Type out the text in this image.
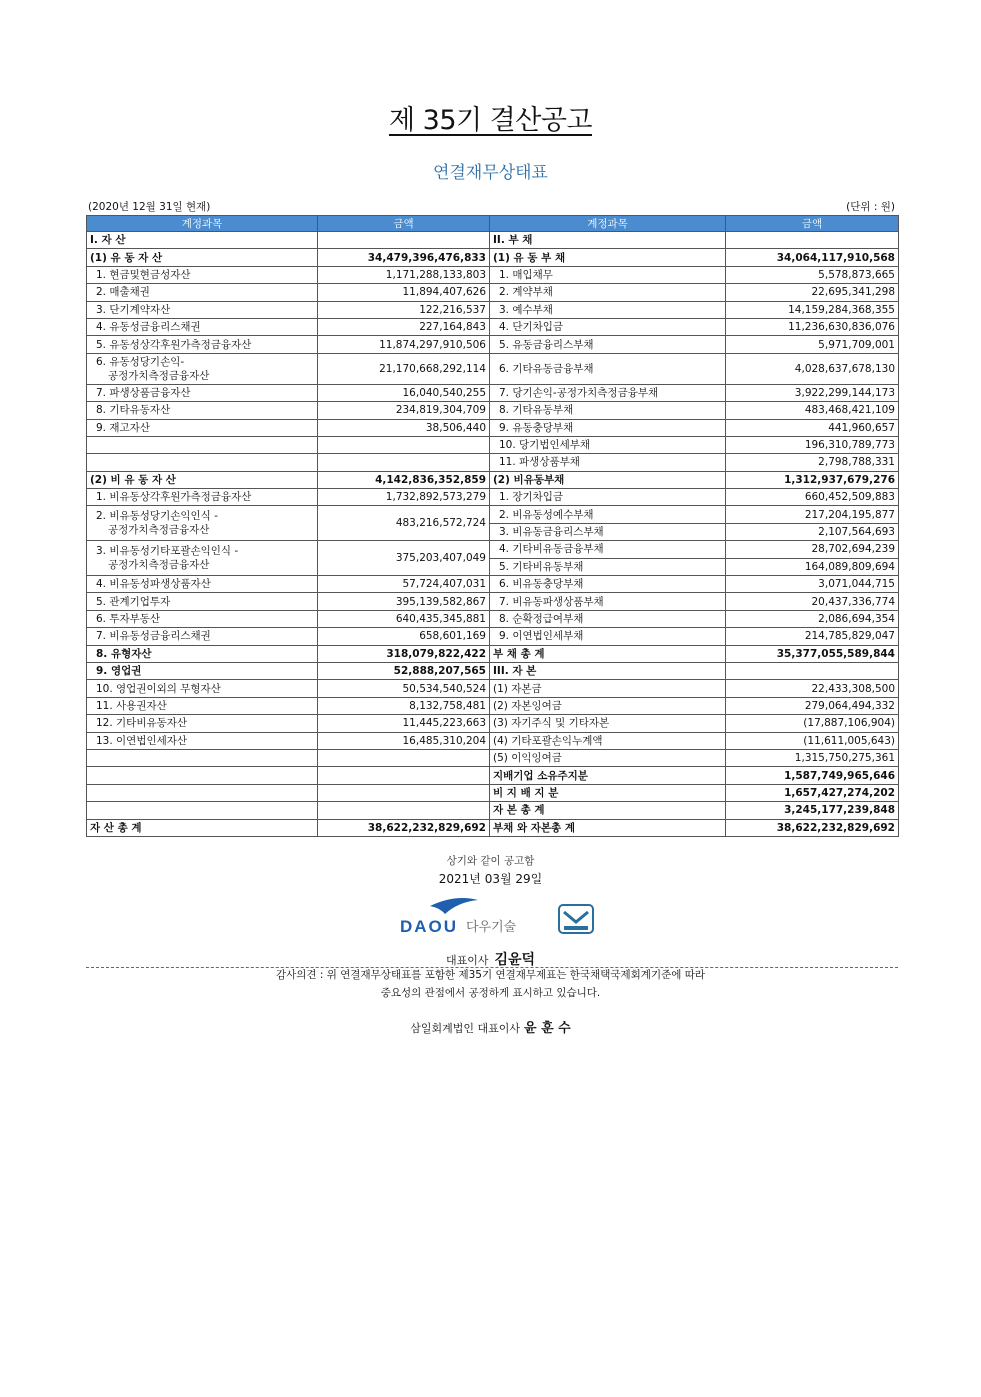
제 35기 결산공고
연결재무상태표
(2020년 12월 31일 현재)	(단위 : 원)
계정과목	금액	계정과목	금액
I. 자 산		II. 부 채	
(1) 유 동 자 산	34,479,396,476,833	(1) 유 동 부 채	34,064,117,910,568
1. 현금및현금성자산	1,171,288,133,803	1. 매입채무	5,578,873,665
2. 매출채권	11,894,407,626	2. 계약부채	22,695,341,298
3. 단기계약자산	122,216,537	3. 예수부채	14,159,284,368,355
4. 유동성금융리스채권	227,164,843	4. 단기차입금	11,236,630,836,076
5. 유동성상각후원가측정금융자산	11,874,297,910,506	5. 유동금융리스부채	5,971,709,001

6. 유동성당기손익-
공정가치측정금융자산	21,170,668,292,114	6. 기타유동금융부채	4,028,637,678,130
7. 파생상품금융자산	16,040,540,255	7. 당기손익-공정가치측정금융부채	3,922,299,144,173
8. 기타유동자산	234,819,304,709	8. 기타유동부채	483,468,421,109
9. 재고자산	38,506,440	9. 유동충당부채	441,960,657
		10. 당기법인세부채	196,310,789,773
		11. 파생상품부채	2,798,788,331
(2) 비 유 동 자 산	4,142,836,352,859	(2) 비유동부채	1,312,937,679,276
1. 비유동상각후원가측정금융자산	1,732,892,573,279	1. 장기차입금	660,452,509,883

2. 비유동성당기손익인식 -
공정가치측정금융자산	483,216,572,724	2. 비유동성예수부채	217,204,195,877
		3. 비유동금융리스부채	2,107,564,693

3. 비유동성기타포괄손익인식 -
공정가치측정금융자산	375,203,407,049	4. 기타비유동금융부채	28,702,694,239
		5. 기타비유동부채	164,089,809,694
4. 비유동성파생상품자산	57,724,407,031	6. 비유동충당부채	3,071,044,715
5. 관계기업투자	395,139,582,867	7. 비유동파생상품부채	20,437,336,774
6. 투자부동산	640,435,345,881	8. 순확정급여부채	2,086,694,354
7. 비유동성금융리스채권	658,601,169	9. 이연법인세부채	214,785,829,047
8. 유형자산	318,079,822,422	부 채 총 계	35,377,055,589,844
9. 영업권	52,888,207,565	III. 자 본	
10. 영업권이외의 무형자산	50,534,540,524	(1) 자본금	22,433,308,500
11. 사용권자산	8,132,758,481	(2) 자본잉여금	279,064,494,332
12. 기타비유동자산	11,445,223,663	(3) 자기주식 및 기타자본	(17,887,106,904)
13. 이연법인세자산	16,485,310,204	(4) 기타포괄손익누계액	(11,611,005,643)
		(5) 이익잉여금	1,315,750,275,361
		지배기업 소유주지분	1,587,749,965,646
		비 지 배 지 분	1,657,427,274,202
		자 본 총 계	3,245,177,239,848
자 산 총 계	38,622,232,829,692	부채 와 자본총 계	38,622,232,829,692
상기와 같이 공고함
2021년 03월 29일
DAOU 다우기술
대표이사 김윤덕
감사의견 : 위 연결재무상태표를 포함한 제35기 연결재무제표는 한국채택국제회계기준에 따라
중요성의 관점에서 공정하게 표시하고 있습니다.
삼일회계법인 대표이사 윤 훈 수
